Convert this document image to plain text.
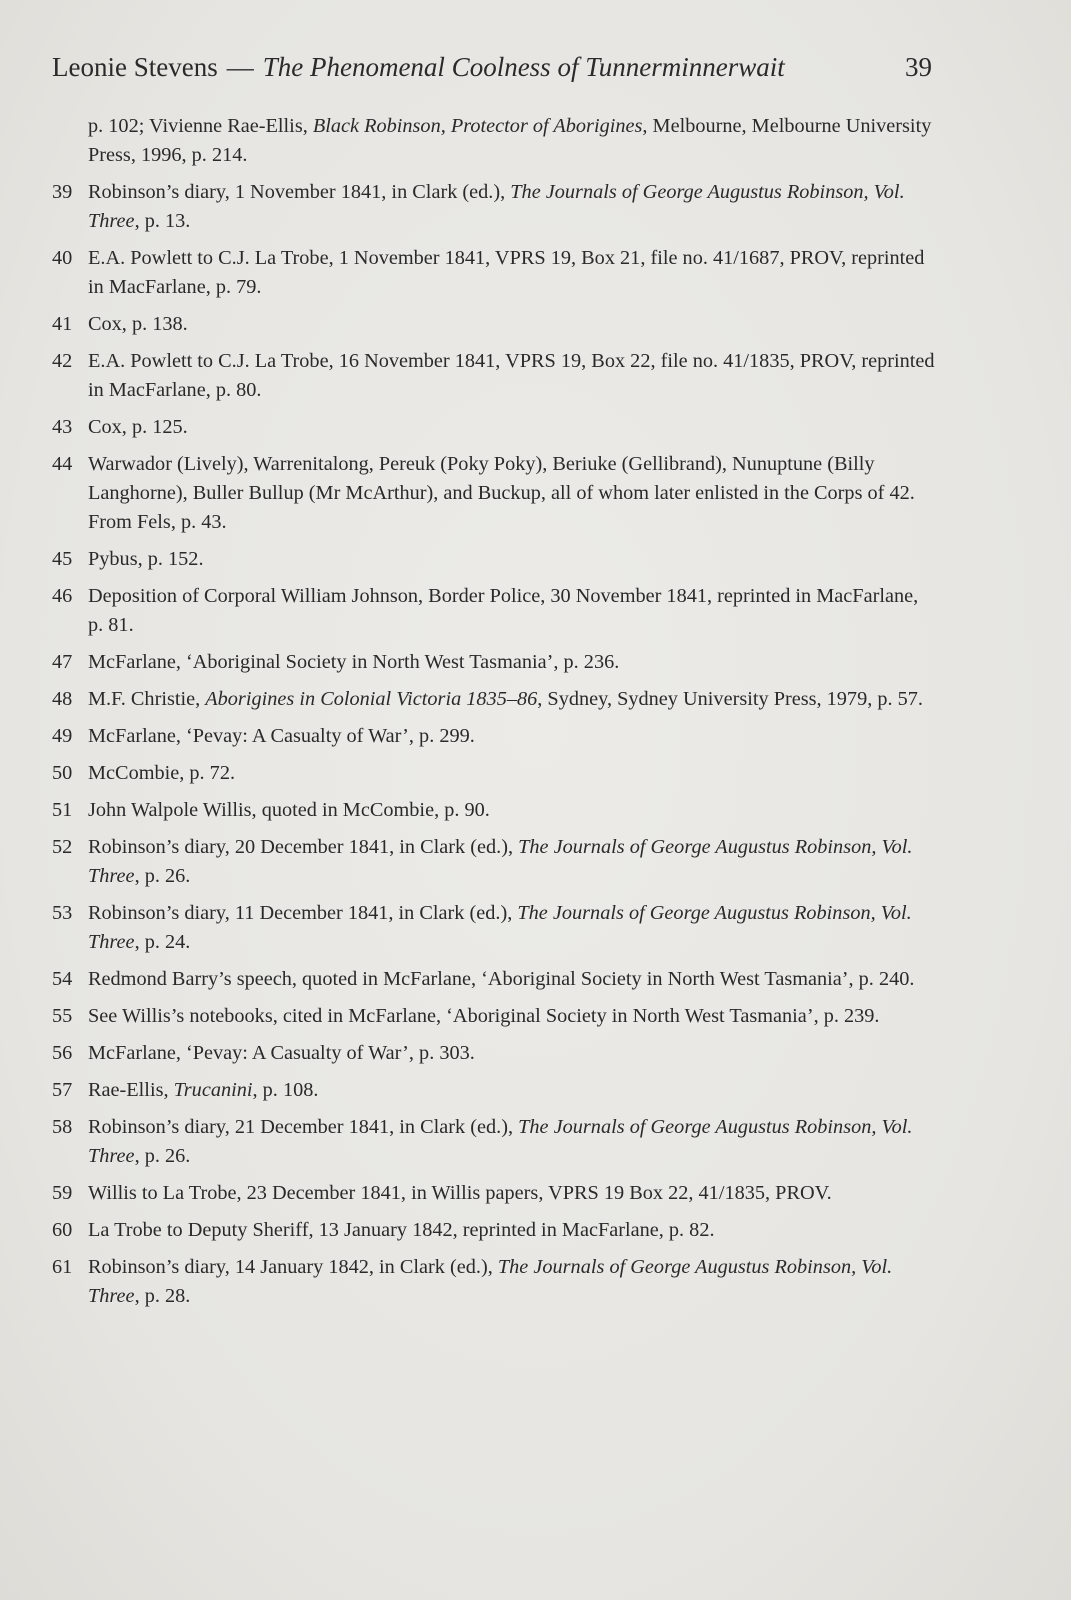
Leonie Stevens — The Phenomenal Coolness of Tunnerminnerwait	39

p. 102; Vivienne Rae-Ellis, Black Robinson, Protector of Aborigines, Melbourne, Melbourne University Press, 1996, p. 214.

39 Robinson’s diary, 1 November 1841, in Clark (ed.), The Journals of George Augustus Robinson, Vol. Three, p. 13.

40 E.A. Powlett to C.J. La Trobe, 1 November 1841, VPRS 19, Box 21, file no. 41/1687, PROV, reprinted in MacFarlane, p. 79.

41 Cox, p. 138.

42 E.A. Powlett to C.J. La Trobe, 16 November 1841, VPRS 19, Box 22, file no. 41/1835, PROV, reprinted in MacFarlane, p. 80.

43 Cox, p. 125.

44 Warwador (Lively), Warrenitalong, Pereuk (Poky Poky), Beriuke (Gellibrand), Nunuptune (Billy Langhorne), Buller Bullup (Mr McArthur), and Buckup, all of whom later enlisted in the Corps of 42. From Fels, p. 43.

45 Pybus, p. 152.

46 Deposition of Corporal William Johnson, Border Police, 30 November 1841, reprinted in MacFarlane, p. 81.

47 McFarlane, ‘Aboriginal Society in North West Tasmania’, p. 236.

48 M.F. Christie, Aborigines in Colonial Victoria 1835–86, Sydney, Sydney University Press, 1979, p. 57.

49 McFarlane, ‘Pevay: A Casualty of War’, p. 299.

50 McCombie, p. 72.

51 John Walpole Willis, quoted in McCombie, p. 90.

52 Robinson’s diary, 20 December 1841, in Clark (ed.), The Journals of George Augustus Robinson, Vol. Three, p. 26.

53 Robinson’s diary, 11 December 1841, in Clark (ed.), The Journals of George Augustus Robinson, Vol. Three, p. 24.

54 Redmond Barry’s speech, quoted in McFarlane, ‘Aboriginal Society in North West Tasmania’, p. 240.

55 See Willis’s notebooks, cited in McFarlane, ‘Aboriginal Society in North West Tasmania’, p. 239.

56 McFarlane, ‘Pevay: A Casualty of War’, p. 303.

57 Rae-Ellis, Trucanini, p. 108.

58 Robinson’s diary, 21 December 1841, in Clark (ed.), The Journals of George Augustus Robinson, Vol. Three, p. 26.

59 Willis to La Trobe, 23 December 1841, in Willis papers, VPRS 19 Box 22, 41/1835, PROV.

60 La Trobe to Deputy Sheriff, 13 January 1842, reprinted in MacFarlane, p. 82.

61 Robinson’s diary, 14 January 1842, in Clark (ed.), The Journals of George Augustus Robinson, Vol. Three, p. 28.
